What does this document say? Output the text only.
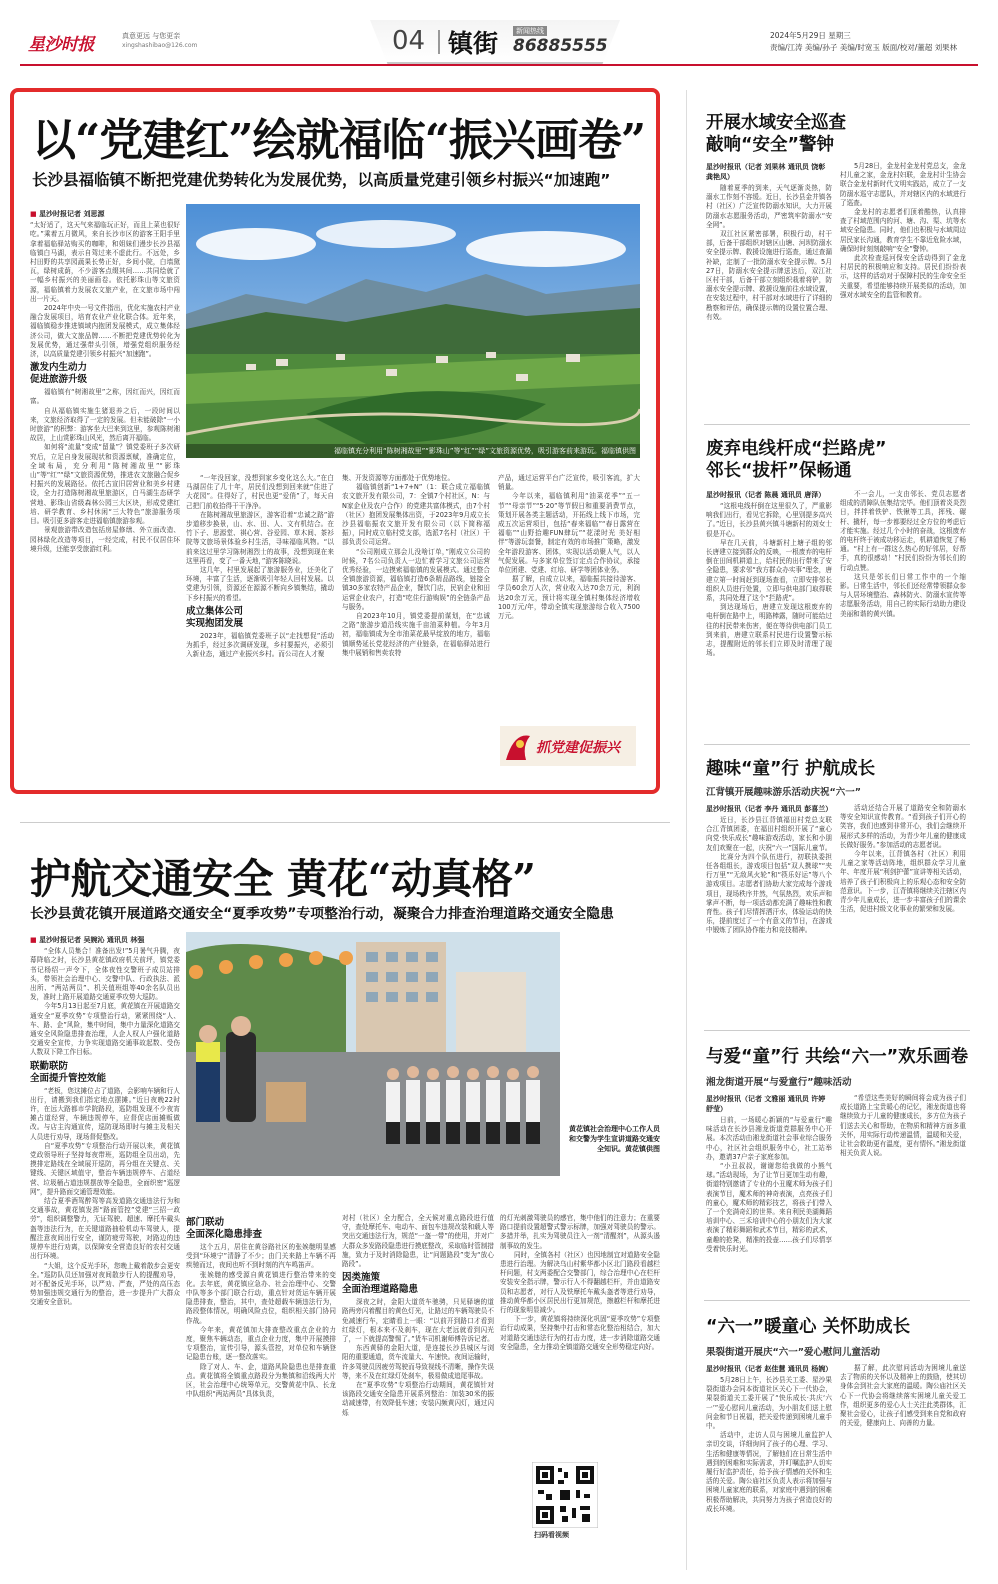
星沙时报	真意更远 与您更亲
xingshashibao@126.com	04 镇街	新闻热线
86885555
2024年5月29日 星期三
责编/江涛 美编/孙子 美编/时宽玉 版面/校对/董超 刘果林
以“党建红”绘就福临“振兴画卷”
长沙县福临镇不断把党建优势转化为发展优势，以高质量党建引领乡村振兴“加速跑”
■ 星沙时报记者 刘思源

“太好适了，这天气来福临玩正好，而且上菜也很好吃。”乘着五月微风，来自长沙市区的游客王阳手里拿着福临驿站购买的咖啡，和姐妹们漫步长沙县福临镇白马湖，表示自驾过来不虚此行。不远处，乡村田野的共享园蔬果长势正好，乡间小院，白墙黛瓦，绿树成荫，不少游客点缀其间……共同绘就了一幅乡村振兴的美丽画卷。依托影珠山等文旅资源，福临镇着力发展农文旅产业，在文旅市场中闯出一片天。

2024年中央一号文件指出，优化实施农村产业融合发展项目，培育农业产业化联合体。近年来，福临镇稳步推进镇域内抱团发展模式，成立集体经济公司，做大文旅品牌……不断把党建优势转化为发展优势，通过强带头引领，增强党组织服务经济，以高质量党建引领乡村振兴“加速跑”。

激发内生动力
促进旅游升级

福临镇有“树湘故里”之称，因红而兴，因红而富。

自从福临镇实施生猪退养之后，一段时间以来，文旅经济取得了一定的发展。但未能破除“一小时旅游”的积弊：游客坐大巴来到这里，参观陈树湘故居，上山赏影珠山风光，然后离开福临。

如何将“流量”变成“留量”？镇党委班子多次研究后，立足自身发展现状和资源禀赋，准确定位，全域布局，充分利用“陈树湘故里”“影珠山”等“红”“绿”文旅资源优势，推进农文旅融合促乡村振兴的发展路径。依托古宣旧居营业和美乡村建设，全力打造陈树湘故里旅游区，白马湖生态研学营地、影珠山省级森林公园三大区块，形成党建红培、研学教育、乡村休闲“三大特色”旅游服务项目。吸引更多游客走进福临镇旅游参观。

景观旅游带改造包括房屋修缮、外立面改造、园林绿化改造等项目，一经完成，村民不仅居住环境升级，还能享受旅游红利。

福临镇充分利用“陈树湘故里”“影珠山”等“红”“绿”文旅资源优势，吸引游客前来游玩。福临镇供图

“一年没回家，没想到家乡变化这么大。”在白马湖居住了几十年，居民们没想到回来就“住进了大花园”。住得好了，村民也更“爱俏”了，每天自己把门前收拾得干干净净。

在陈树湘故里旅游区，游客沿着“忠诚之路”游步道移步换景，山、水、田、人、文有机结合。在竹下子、思源堂、祺心营、谷爱园、草木间、茶衫院等文旅场景体验乡村生活，寻味福临风物。“以前来这过里学习陈树湘烈士的故事，没想到现在来这里再看，变了一番天地，”游客陈晓说。

这几年，村里发展起了旅游服务业，还美化了环境，丰富了生活，逐渐吸引年轻人回村发展。以党建为引领，资源还在源源不断向乡镇集结，撬动下乡村振兴的希望。

成立集体公司
实现抱团发展

2023年，福临镇党委班子以“走找想促”活动为抓手，经过多次调研发现，乡村要振兴，必须引入新业态，通过产业振兴乡村。而公司在人才聚

集、开发资源等方面都处于优势地位。

福临镇创新“1+7+N”（1：联合成立福临镇农文旅开发有限公司，7：全镇7个村社区，N：与N家企业及农户合作）的党建共富体模式，由7个村（社区）抱团发展集体出资，于2023年9月成立长沙县福临振农文旅开发有限公司（以下简称福振），同时成立临村党支部，选派7名村（社区）干部负责公司运营。

“公司刚成立那会儿没啥订单，”刚成立公司的时候，7名公司负责人一边忙着学习文旅公司运营优秀经验，一边摸索福临镇的发展模式。通过整合全镇旅游资源，福临镇打造6条精品路线，链接全镇30多家农特产品企业，餐饮门店，民宿企业和田运营企业农户，打造“吃住行游购娱”的全链条产品与服务。

自2023年10月，镇党委提前谋划，在“忠诚之路”旅游步道沿线实施千亩油菜种植。今年3月初，福临镇成为全市油菜花最早绽放的地方，福临镇顺势延长党花经济的产业链条，在福临驿站进行集中展销和售卖农特

产品，通过运营平台广泛宣传，吸引客流，扩大销量。

今年以来，福临镇利用“油菜花季”“五一节”“母亲节”“5·20”等节假日和重要消费节点，策划开展各类主题活动，开拓线上线下市场，完成五次运营项目，包括“春来福临”“春日露营在福临”“山野拾趣FUN肆玩”“花漾时光 美好相伴”等游玩套餐，制定有效的市场推广策略，激发全年游段游客、团体，实现以活动聚人气，以人气促发展。与多家单位签订定点合作协议，承接单位团建、党建、红培、研学等团体业务。

据了解，自成立以来，福临振共接待游客、学员60余万人次，营业收入达70余万元，利润达20余万元，预计将实现全镇村集体经济增收100万元/年，带动全镇实现旅游综合收入7500万元。

抓党建促振兴
护航交通安全 黄花“动真格”
长沙县黄花镇开展道路交通安全“夏季攻势”专项整治行动，凝聚合力排查治理道路交通安全隐患
■ 星沙时报记者 吴婉沁 通讯员 林强

“全体人员集合！准备出发!”5月暑气升腾，夜幕降临之时，长沙县黄花镇政府机关前坪，镇党委书记杨绍一声令下，全体夜性交警班子成员站排头，带领社会治理中心、交警中队、行政执法、派出所、“两站两员”、机关值班组等40余名队员出发，准时上路开展道路交通夏季攻势大巡防。

今年5月13日起至7月底，黄花镇在开展道路交通安全“夏季攻势”专项整治行动，紧紧围绕“人、车、路、企”风险，集中时间，集中力量深化道路交通安全风险隐患排查治理，人企人权人户强化道路交通安全宣传，力争实现道路交通事故起数、受伤人数双下降工作目标。

联勤联防
全面提升管控效能

“老板，您这摊位占了道路，会影响车辆和行人出行，请搬到我们指定地点摆摊。”近日夜晚22时许，在远大路都市学院路段，巡防组发现不少夜宵摊占道经营，车辆违规停车，应督促店面摊贩做改。与店主沟通宣传，巡防现场即时与摊主及相关人员进行劝导，现场督促整改。

自“夏季攻势”专项整治行动开展以来，黄花镇党政领导班子坚持每夜带班，巡防组全员出动，先摸排定路线在全域展开巡防，再分组在关键点、关键线、关键区域值守，整治车辆违规停车、占道经营、垃圾桶占道违规摆放等全隐患，全面织密“巡逻网”，提升路面交通管理效能。

结合夏季酒驾醉驾等高发道路交通违法行为和交通事故，黄花镇发挥“路面管控”党建“三招一政劳”，组织调整警力，无证驾驶、超速、摩托车戴头盔等违法行为，在关键道路抽检机动车驾驶人，提醒注意夜间出行安全，谨防疲劳驾驶，对路边的违规停车进行劝离，以保障安全营造良好的农村交通出行环境。

“大姐，这个反光手环，您晚上戴着散步会更安全。”巡防队员还加强对夜间散步行人的提醒劝导，对不配备反光手环，以严劝、严查，严处的高压态势加强违规交通行为的整治，进一步提升广大群众交通安全意识。

黄花镇社会治理中心工作人员和交警为学生宣讲道路交通安全知识。黄花镇供图
部门联动
全面深化隐患排查

这个五月，居住在黄谷路社区的张娭毑明显感受到“环境宁”清静了不少；由门关来路上车辆不再疾驰而过，夜间也听不到时刻的汽车鸣笛声。

张娭毑的感受源自黄花镇进行整治带来的变化。去年底，黄花镇应急办、社会治理中心、交警中队等多个部门联合行动，重点针对货运车辆开展隐患排查，整治，其中，查处超载车辆违法行为，路段整体情况，明确风险点位，组织相关部门协同作战。

今年来，黄花镇加大排查整改重点企业的力度，聚焦车辆动态，重点企业力度，集中开展摸排专项整治，宣传引导，源头管控，对单位和车辆登记隐患台账，逐一整改落实。

除了对人、车、企，道路风险隐患也是排查重点。黄花镇将全镇重点路段分为集镇和沿线两大片区，社会治理中心统筹单元，交警黄花中队、长龙中队组织“两站两员”具体负责，

对村（社区）全力配合，全天候对重点路段进行值守，查处摩托车、电动车、面包车违规改装和载人等突出交通违法行为，规范“一盔一带”的使用，并对广大群众多发路段隐患进行摸底整改，采取临时管制措施，致力于及时消除隐患，让“问题路段”变为“放心路段”。

因类施策
全面治理道路隐患

深夜之时，金阳大道货车驰骋，只见驿塘的道路两旁闪着醒目的黄色灯光，让路过的车辆驾驶员不免减速行车，定睛看上一眼：“以前开到路口才看到红绿灯，根本来不及刹车，现在大老远就看到闪光了，一下就提高警惕了。”货车司机谢师傅告诉记者。

东西黄驿的金阳大道，是连接长沙县城区与浏阳的重要通道，货车流量大、车速快。夜间运输时，许多驾驶员因疲劳驾驶而导致视线不清晰，操作失误等，来不及在红绿灯处刹车，极易做成追尾事故。

在“夏季攻势”专项整治行动期间，黄花镇针对该路段交通安全隐患开展系列整治：加装30米的振动减速带，有效降低车速；安装闪频黄闪灯，通过闪烁

的灯光刺激驾驶员的感官，集中他们的注意力；在重要路口提前设置超警式警示标牌，加强对驾驶员的警示。多措并举，扎实为驾驶员注入一剂“清醒剂”，从源头遏制事故的发生。

同时，全镇各村（社区）也因地制宜对道路安全隐患进行治理。为解决乌山村紫华都小区北门路段看越栏杆问题，村支两委配合交警部门，综合治理中心在栏杆安装安全指示牌，警示行人不得翻越栏杆，并由道路安员和志愿者，对行人及铁摩托车戴头盔者等进行劝导，推动黄华都小区居民出行更加规范，擦越栏杆和摩托进行的现象明显减少。

下一步，黄花镇将持续深化巩固“夏季攻势”专项整治行动成果，坚持集中打击和常态化整治相结合，加大对道路交通违法行为的打击力度，进一步消除道路交通安全隐患，全力推动全镇道路交通安全形势稳定向好。

扫码看视频
开展水域安全巡查
敲响“安全”警钟
星沙时报讯（记者 刘果林 通讯员 饶彰 龚艳凤）

随着夏季的到来，天气逐渐炎热，防溺水工作刻不容缓。近日，长沙县金井镇各村（社区）广泛宣传防溺水知识，大力开展防溺水志愿服务活动，严密筑牢防溺水“安全网”。

双江社区紧密部署，积极行动，村干部，后备干部组织对辖区山塘、河坝防溺水安全提示牌、救援设施进行巡查，通过查漏补缺，定制了一批防溺水安全提示牌。5月27日，防溺水安全提示牌送达后，双江社区村干部，后备干部立刻组织栽着将铲，防溺水安全提示牌、救援设施前往水域设置，在安装过程中，村干部对水域进行了详细的勘察和评估，确保提示牌的设置位置合理、有效。

5月28日，金龙村金龙村党总支，金龙村儿童之家，金龙村妇联，金龙村计生协会联合金龙村新时代文明实践站，成立了一支防溺水巡守志愿队，并对辖区内的水域进行了巡查。

金龙村的志愿者们顶着酷热，认真排查了村域范围内的河、塘、沟、渠、坑等水域安全隐患。同时，他们也积极与水域周边居民家长沟通，教育学生不靠近危险水域，确保时时刻刻敲响“安全”警钟。

此次检查巡河保安全活动得到了金龙村居民的积极响应和支持。居民们纷纷表示，这样的活动对于保障村民的生命安全至关重要，希望能够持续开展类似的活动，加强对水域安全的监管和教育。

废弃电线杆成“拦路虎”
邻长“拔杆”保畅通
星沙时报讯（记者 陈晨 通讯员 唐泽）

“这根电线杆倒在这里很久了，严重影响我们出行，看见它拆除，心里别提多高兴了。”近日，长沙县黄兴镇斗塘新村的刘女士很是开心。

早在几天前，斗塘新村上塘子组的邻长唐建立接到群众的反映，一根废弃的电杆倒在田间机耕道上，给村民的出行带来了安全隐患，要求邻“我方群众办实事”理念，唐建立第一时间赶到现场查看，立即安排邻长组织人员进行处置，立即与供电部门取得联系，共同处理了这个“拦路虎”。

到达现场后，唐建立发现这根废弃的电杆倒在路中上，明路棒露，随时可能给过往的村民带来伤害，便在等待供电部门员工到来前，唐建立联系村民进行设置警示标志，提醒附近的邻长们立即及时清理了现场。

不一会儿，一支由邻长、党员志愿者组成的清障队伍集结完毕。他们顶着炎炎烈日，拌拌着铁铲、铁锹等工具，挥残、碾杆、撬杆，每一步都要经过全方位的考虑后才能实施。经过几个小时的奋战，这根废弃的电杆终于被成功移运走，机耕道恢复了畅通。“村上有一群这么热心的好邻居，好帮手，真的很感动！”村民们纷纷为邻长们的行动点赞。

这只是邻长们日常工作中的一个缩影。日常生活中，邻长们还经常带领群众参与人居环境整治、森林防火、防溺水宣传等志愿服务活动，用自己的实际行动助力建设美丽和谐的黄兴镇。

趣味“童”行 护航成长
江背镇开展趣味游乐活动庆祝“六一”
星沙时报讯（记者 李丹 通讯员 彭喜兰）

近日，长沙县江背镇福田村党总支联合江背镇团委，在福田村组织开展了“童心向党·快乐成长”趣味游戏活动，家长和小朋友们欢聚在一起，庆祝“六一”国际儿童节。

比赛分为四个队伍进行，初联执委担任各组组长，游戏项目包括“双人携球”“夹行万里”“无敌风火轮”和“筷乐好运”等八个游戏项目。志愿者们协助大家完成每个游戏项目，现场秩序井然，气氛热烈，欢乐声和掌声不断，每一项活动都充满了趣味性和教育性。孩子们尽情挥洒汗水，体验运动的快乐，提前度过了一个有意义的节日，在游戏中锻炼了团队协作能力和竞技精神。

活动还结合开展了道路安全和防溺水等安全知识宣传教育。“看到孩子们开心的笑容，我们也感到非常开心，我们会继续开展形式多样的活动，为青少年儿童的健康成长做好服务。”参加活动的志愿者说。

今年以来，江背镇各村（社区）利用儿童之家等活动阵地，组织群众学习儿童年、年度开展“利剑护蕾”宣讲等相关活动，培养了孩子们积极向上的乐观心态和安全防范意识。下一步，江背镇将继续关注辖区内青少年儿童成长，进一步丰富孩子们的课余生活，促进村级文化事业的繁荣和发展。

与爱“童”行 共绘“六一”欢乐画卷
湘龙街道开展“与爱童行”趣味活动
星沙时报讯（记者 文雅丽 通讯员 许婷 舒莹）

日前，一场暖心新颖的“与爱童行”趣味活动在长沙县湘龙街道党群服务中心开展。本次活动由湘龙街道社会事业综合服务中心，社区社会组织服务中心，社工站举办，邀请37户亲子家庭参加。

“小丑叔叔，谢谢您给我做的小熊气球。”活动现场，为了让节日更加生动有趣，街道特别邀请了专业的小丑魔术师为孩子们表演节目，魔术师的神奇表演，点亮孩子们的童心，魔术师的精彩技艺，将孩子们带入了一个充满奇幻的世界。来自利民美湖舞蹈培训中心、三禾培训中心的小朋友们为大家表演了精彩舞蹈和武术节目，精彩的武术，童趣的抢凳，精准的投壶……孩子们尽情享受着快乐时光。

“希望这些美好的瞬间将会成为孩子们成长道路上宝贵暖心的记忆，湘龙街道也将继续致力于儿童的健康成长，多方位为孩子们送去关心和帮助，在物质和精神方面多重关怀，用实际行动传递温情，温暖和关爱，让社会救助更有温度，更有情怀。”湘龙街道相关负责人说。

“六一”暖童心 关怀助成长
果裂街道开展庆“六一”爱心慰问儿童活动
星沙时报讯（记者 赵佳慧 通讯员 杨婉）

5月28日上午，长沙县关工委、星沙果裂街道办会同本街道社区关心下一代协会，果裂街道关工委开展了“快乐成长·共庆‘六一’”爱心慰问儿童活动，为小朋友们送上慰问金和节日祝福，把关爱传递到困境儿童手中。

活动中，走访人员与困境儿童监护人亲切交谈，详细询问了孩子的心理、学习、生活和健康等情况，了解他们在日常生活中遇到的困难和实际需求，并叮嘱监护人切实履行好监护责任，给予孩子情感的关怀和生活的关爱。陶公庙社区负责人表示将加强与困境儿童家庭的联系，对家庭中遇到的困难积极帮助解决，共同努力为孩子营造良好的成长环境。

据了解，此次慰问活动为困境儿童送去了物质的关怀以及精神上的鼓励，使其切身体会到社会大家庭的温暖。陶公庙社区关心下一代协会将继续落实困境儿童关爱工作，组织更多的爱心人士关注此类群体，汇聚社会爱心，让孩子们感受到来自党和政府的关爱，健康向上、向善的力量。
